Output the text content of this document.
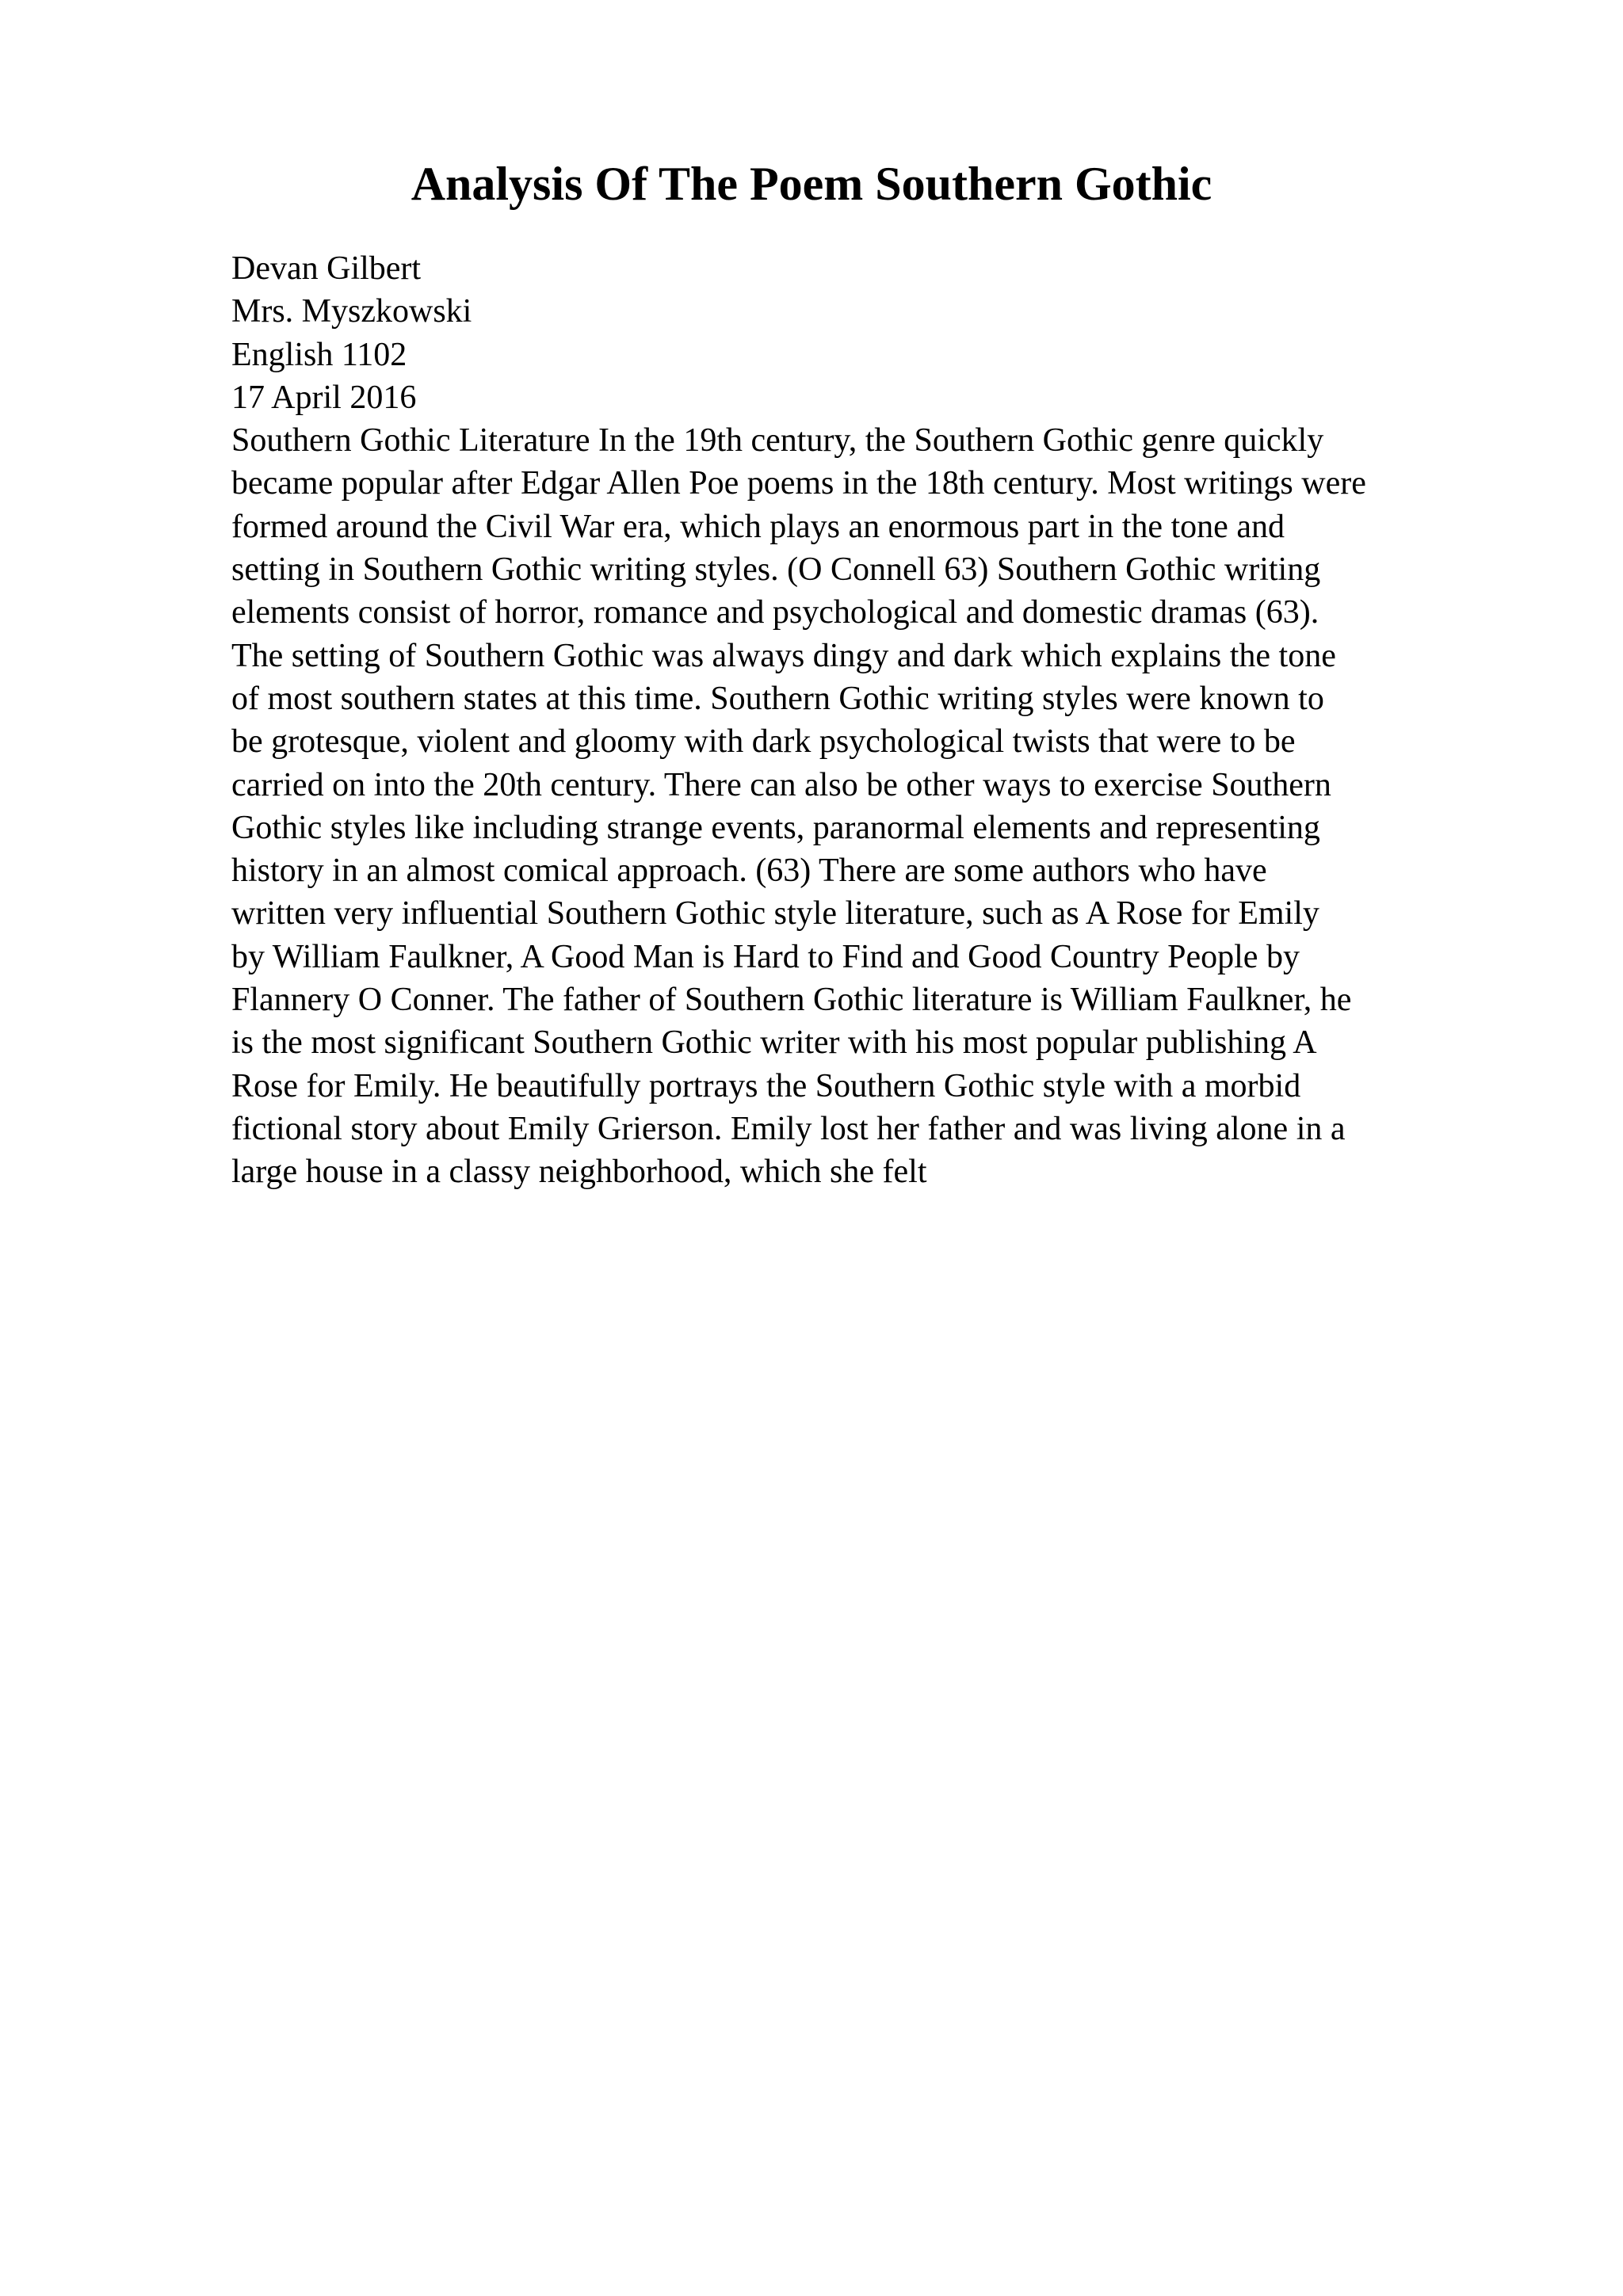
Analysis Of The Poem Southern Gothic
Devan Gilbert
Mrs. Myszkowski
English 1102
17 April 2016
Southern Gothic Literature In the 19th century, the Southern Gothic genre quickly
became popular after Edgar Allen Poe poems in the 18th century. Most writings were
formed around the Civil War era, which plays an enormous part in the tone and
setting in Southern Gothic writing styles. (O Connell 63) Southern Gothic writing
elements consist of horror, romance and psychological and domestic dramas (63).
The setting of Southern Gothic was always dingy and dark which explains the tone
of most southern states at this time. Southern Gothic writing styles were known to
be grotesque, violent and gloomy with dark psychological twists that were to be
carried on into the 20th century. There can also be other ways to exercise Southern
Gothic styles like including strange events, paranormal elements and representing
history in an almost comical approach. (63) There are some authors who have
written very influential Southern Gothic style literature, such as A Rose for Emily
by William Faulkner, A Good Man is Hard to Find and Good Country People by
Flannery O Conner. The father of Southern Gothic literature is William Faulkner, he
is the most significant Southern Gothic writer with his most popular publishing A
Rose for Emily. He beautifully portrays the Southern Gothic style with a morbid
fictional story about Emily Grierson. Emily lost her father and was living alone in a
large house in a classy neighborhood, which she felt
